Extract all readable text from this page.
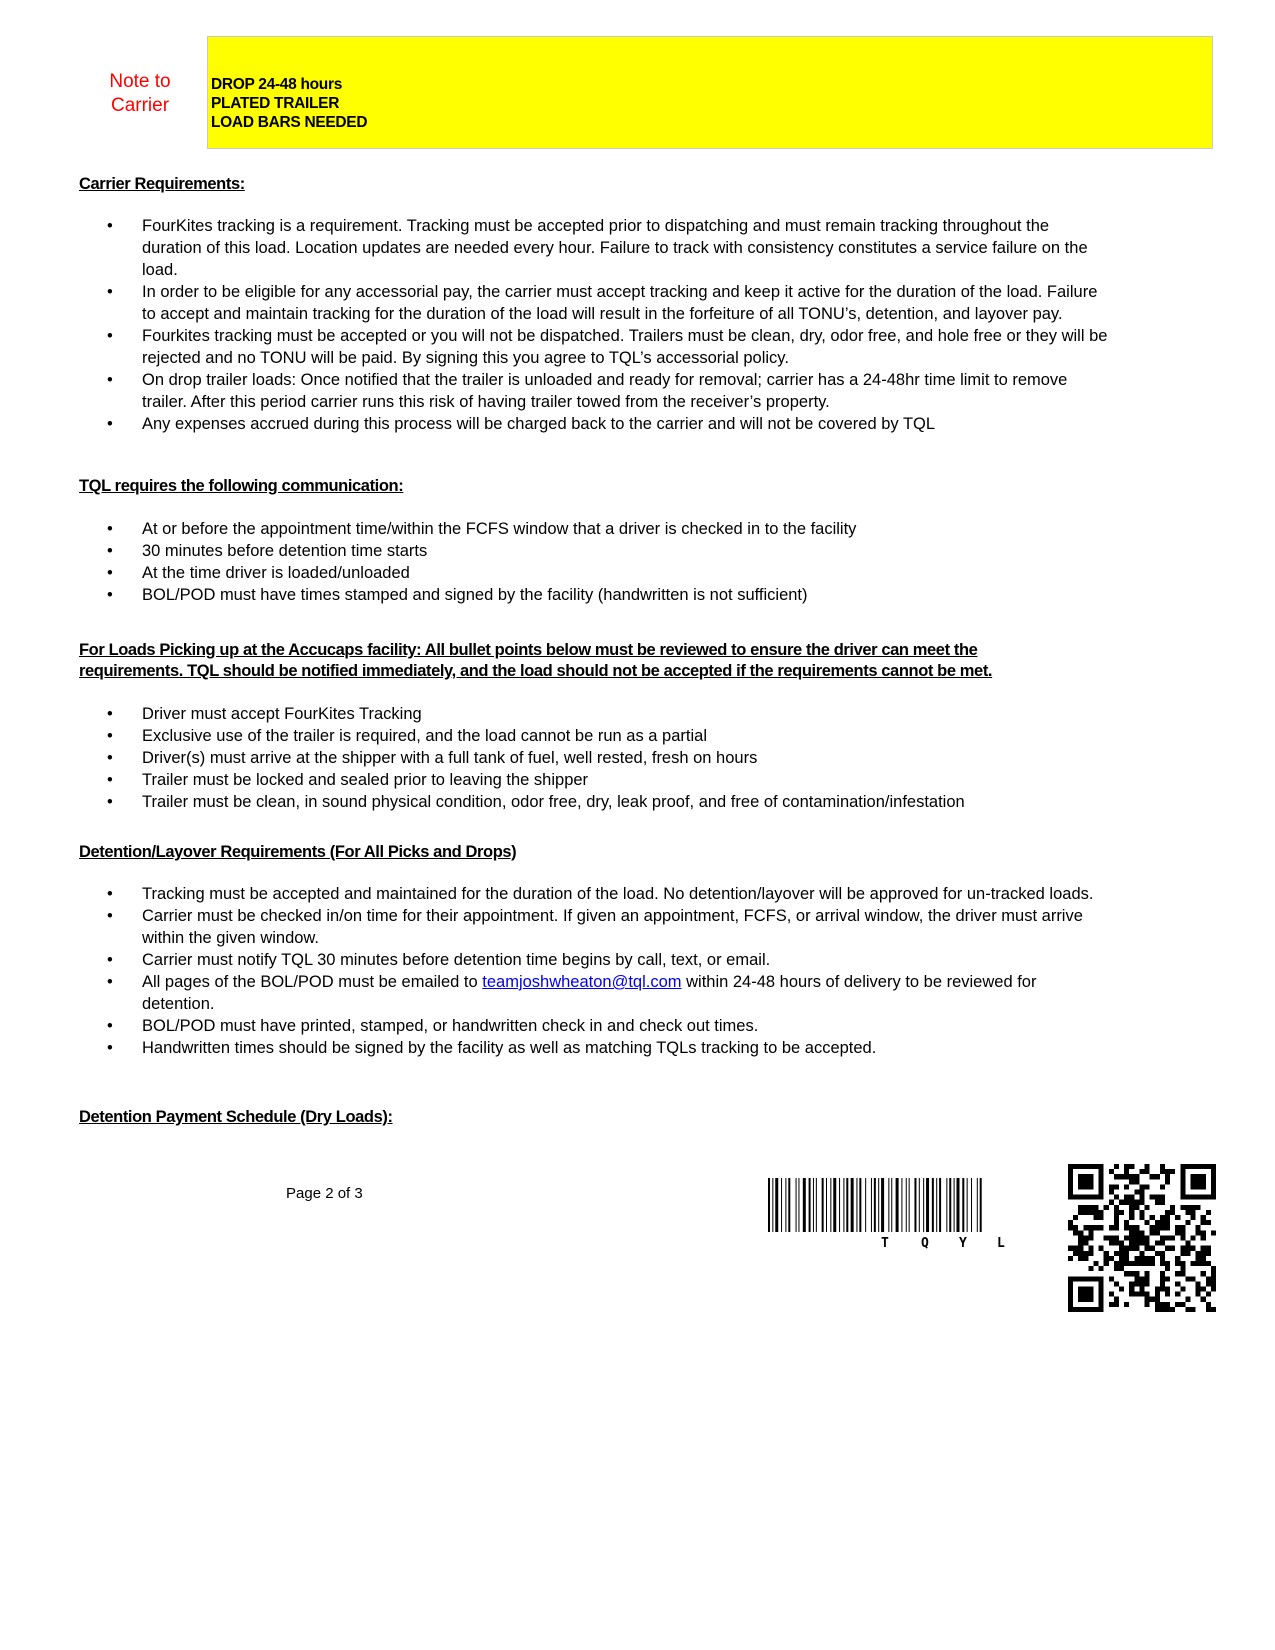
Note to
Carrier
DROP 24-48 hours
PLATED TRAILER
LOAD BARS NEEDED

Carrier Requirements:

• FourKites tracking is a requirement. Tracking must be accepted prior to dispatching and must remain tracking throughout the duration of this load. Location updates are needed every hour. Failure to track with consistency constitutes a service failure on the load.
• In order to be eligible for any accessorial pay, the carrier must accept tracking and keep it active for the duration of the load. Failure to accept and maintain tracking for the duration of the load will result in the forfeiture of all TONU’s, detention, and layover pay.
• Fourkites tracking must be accepted or you will not be dispatched. Trailers must be clean, dry, odor free, and hole free or they will be rejected and no TONU will be paid. By signing this you agree to TQL’s accessorial policy.
• On drop trailer loads: Once notified that the trailer is unloaded and ready for removal; carrier has a 24-48hr time limit to remove trailer. After this period carrier runs this risk of having trailer towed from the receiver’s property.
• Any expenses accrued during this process will be charged back to the carrier and will not be covered by TQL

TQL requires the following communication:

• At or before the appointment time/within the FCFS window that a driver is checked in to the facility
• 30 minutes before detention time starts
• At the time driver is loaded/unloaded
• BOL/POD must have times stamped and signed by the facility (handwritten is not sufficient)

For Loads Picking up at the Accucaps facility: All bullet points below must be reviewed to ensure the driver can meet the

requirements. TQL should be notified immediately, and the load should not be accepted if the requirements cannot be met.

• Driver must accept FourKites Tracking
• Exclusive use of the trailer is required, and the load cannot be run as a partial
• Driver(s) must arrive at the shipper with a full tank of fuel, well rested, fresh on hours
• Trailer must be locked and sealed prior to leaving the shipper
• Trailer must be clean, in sound physical condition, odor free, dry, leak proof, and free of contamination/infestation

Detention/Layover Requirements (For All Picks and Drops)

• Tracking must be accepted and maintained for the duration of the load. No detention/layover will be approved for un-tracked loads.
• Carrier must be checked in/on time for their appointment. If given an appointment, FCFS, or arrival window, the driver must arrive within the given window.
• Carrier must notify TQL 30 minutes before detention time begins by call, text, or email.
• All pages of the BOL/POD must be emailed to teamjoshwheaton@tql.com within 24-48 hours of delivery to be reviewed for detention.
• BOL/POD must have printed, stamped, or handwritten check in and check out times.
• Handwritten times should be signed by the facility as well as matching TQLs tracking to be accepted.

Detention Payment Schedule (Dry Loads):

Page 2 of 3
T Q Y L
